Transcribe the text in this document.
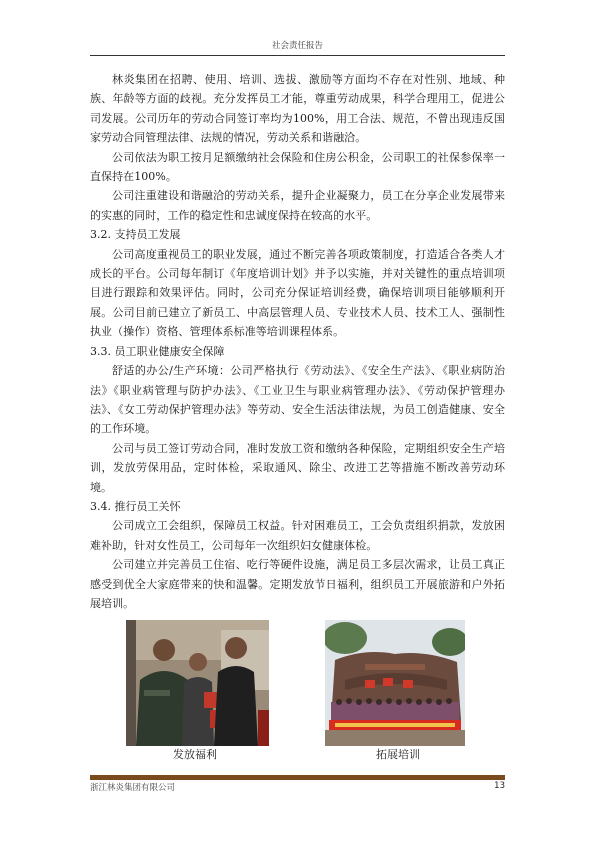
社会责任报告

林炎集团在招聘、使用、培训、选拔、激励等方面均不存在对性别、地域、种族、年龄等方面的歧视。充分发挥员工才能，尊重劳动成果，科学合理用工，促进公司发展。公司历年的劳动合同签订率均为100%，用工合法、规范，不曾出现违反国家劳动合同管理法律、法规的情况，劳动关系和谐融洽。

公司依法为职工按月足额缴纳社会保险和住房公积金，公司职工的社保参保率一直保持在100%。

公司注重建设和谐融洽的劳动关系，提升企业凝聚力，员工在分享企业发展带来的实惠的同时，工作的稳定性和忠诚度保持在较高的水平。

3.2. 支持员工发展

公司高度重视员工的职业发展，通过不断完善各项政策制度，打造适合各类人才成长的平台。公司每年制订《年度培训计划》并予以实施，并对关键性的重点培训项目进行跟踪和效果评估。同时，公司充分保证培训经费，确保培训项目能够顺利开展。公司目前已建立了新员工、中高层管理人员、专业技术人员、技术工人、强制性执业（操作）资格、管理体系标准等培训课程体系。

3.3. 员工职业健康安全保障

舒适的办公/生产环境：公司严格执行《劳动法》、《安全生产法》、《职业病防治法》《职业病管理与防护办法》、《工业卫生与职业病管理办法》、《劳动保护管理办法》、《女工劳动保护管理办法》等劳动、安全生活法律法规，为员工创造健康、安全的工作环境。

公司与员工签订劳动合同，准时发放工资和缴纳各种保险，定期组织安全生产培训，发放劳保用品，定时体检，采取通风、除尘、改进工艺等措施不断改善劳动环境。

3.4. 推行员工关怀

公司成立工会组织，保障员工权益。针对困难员工，工会负责组织捐款，发放困难补助，针对女性员工，公司每年一次组织妇女健康体检。

公司建立并完善员工住宿、吃行等硬件设施，满足员工多层次需求，让员工真正感受到优全大家庭带来的快和温馨。定期发放节日福利，组织员工开展旅游和户外拓展培训。

发放福利	拓展培训
浙江林炎集团有限公司	13
